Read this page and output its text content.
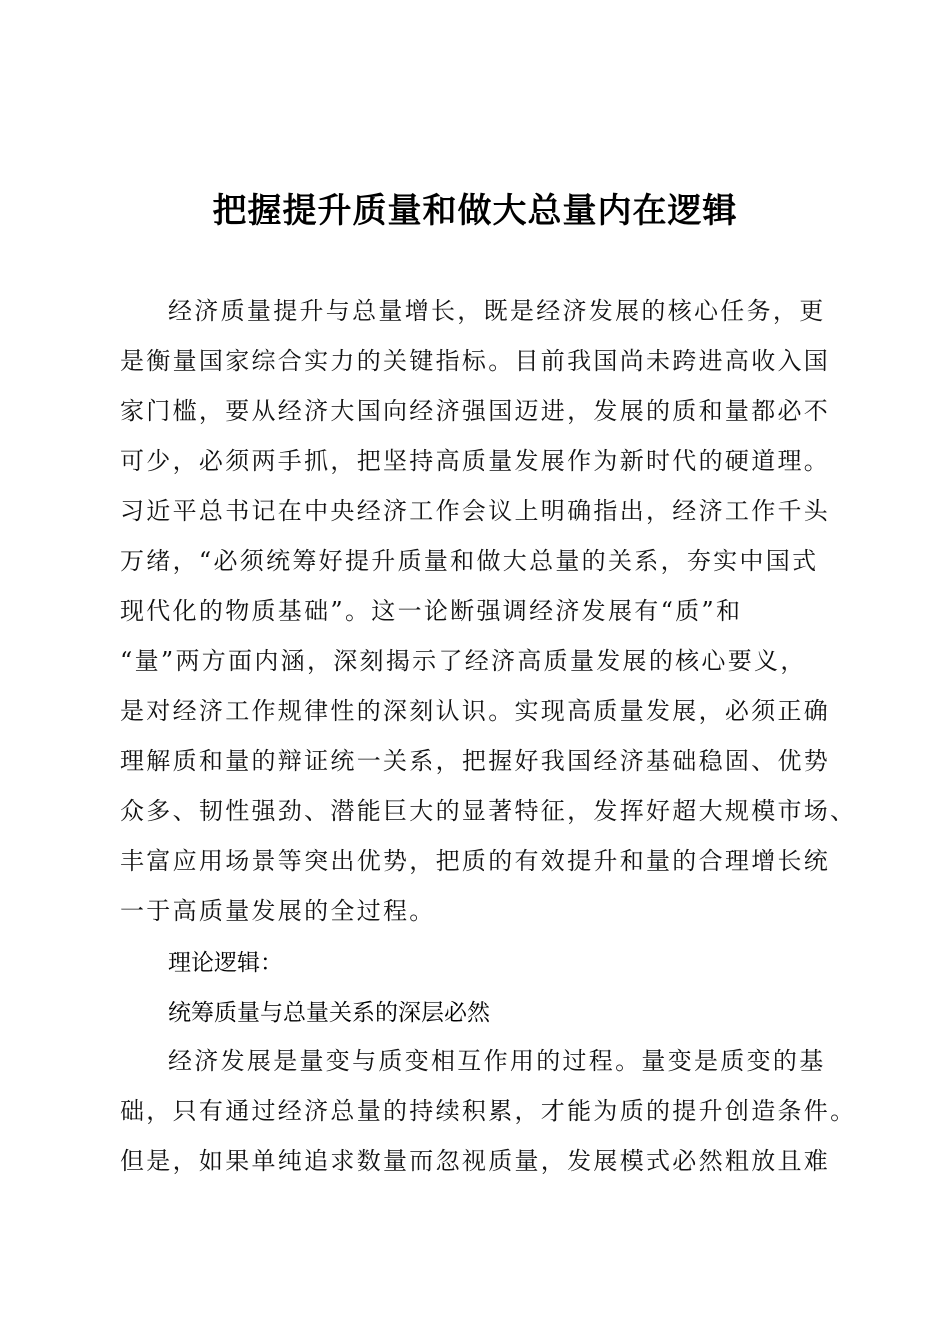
把握提升质量和做大总量内在逻辑
经济质量提升与总量增长，既是经济发展的核心任务，更
是衡量国家综合实力的关键指标。目前我国尚未跨进高收入国
家门槛，要从经济大国向经济强国迈进，发展的质和量都必不
可少，必须两手抓，把坚持高质量发展作为新时代的硬道理。
习近平总书记在中央经济工作会议上明确指出，经济工作千头
万绪，“必须统筹好提升质量和做大总量的关系，夯实中国式
现代化的物质基础”。这一论断强调经济发展有“质”和
“量”两方面内涵，深刻揭示了经济高质量发展的核心要义，
是对经济工作规律性的深刻认识。实现高质量发展，必须正确
理解质和量的辩证统一关系，把握好我国经济基础稳固、优势
众多、韧性强劲、潜能巨大的显著特征，发挥好超大规模市场、
丰富应用场景等突出优势，把质的有效提升和量的合理增长统
一于高质量发展的全过程。
理论逻辑：
统筹质量与总量关系的深层必然
经济发展是量变与质变相互作用的过程。量变是质变的基
础，只有通过经济总量的持续积累，才能为质的提升创造条件。
但是，如果单纯追求数量而忽视质量，发展模式必然粗放且难
